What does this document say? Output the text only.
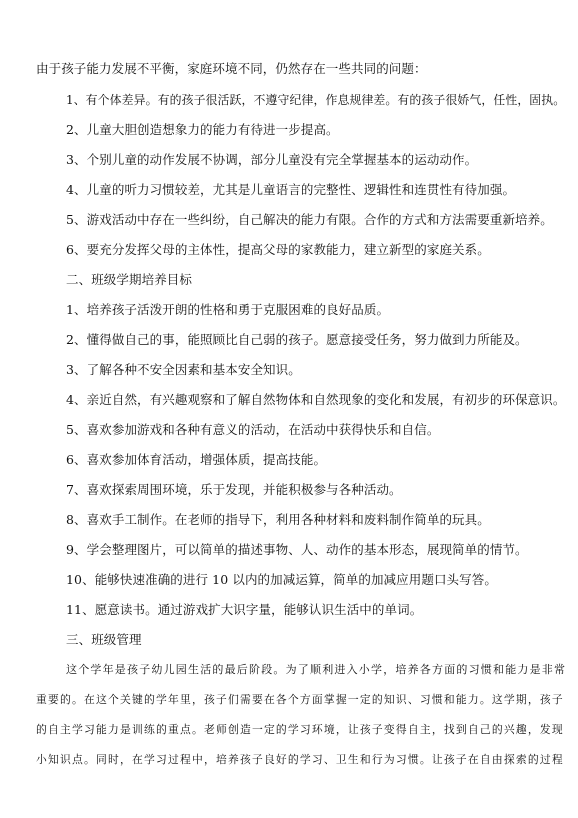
由于孩子能力发展不平衡，家庭环境不同，仍然存在一些共同的问题：
1、有个体差异。有的孩子很活跃，不遵守纪律，作息规律差。有的孩子很娇气，任性，固执。
2、儿童大胆创造想象力的能力有待进一步提高。
3、个别儿童的动作发展不协调，部分儿童没有完全掌握基本的运动动作。
4、儿童的听力习惯较差，尤其是儿童语言的完整性、逻辑性和连贯性有待加强。
5、游戏活动中存在一些纠纷，自己解决的能力有限。合作的方式和方法需要重新培养。
6、要充分发挥父母的主体性，提高父母的家教能力，建立新型的家庭关系。
二、班级学期培养目标
1、培养孩子活泼开朗的性格和勇于克服困难的良好品质。
2、懂得做自己的事，能照顾比自己弱的孩子。愿意接受任务，努力做到力所能及。
3、了解各种不安全因素和基本安全知识。
4、亲近自然，有兴趣观察和了解自然物体和自然现象的变化和发展，有初步的环保意识。
5、喜欢参加游戏和各种有意义的活动，在活动中获得快乐和自信。
6、喜欢参加体育活动，增强体质，提高技能。
7、喜欢探索周围环境，乐于发现，并能积极参与各种活动。
8、喜欢手工制作。在老师的指导下，利用各种材料和废料制作简单的玩具。
9、学会整理图片，可以简单的描述事物、人、动作的基本形态，展现简单的情节。
10、能够快速准确的进行 10 以内的加减运算，简单的加减应用题口头写答。
11、愿意读书。通过游戏扩大识字量，能够认识生活中的单词。
三、班级管理
这个学年是孩子幼儿园生活的最后阶段。为了顺利进入小学，培养各方面的习惯和能力是非常
重要的。在这个关键的学年里，孩子们需要在各个方面掌握一定的知识、习惯和能力。这学期，孩子
的自主学习能力是训练的重点。老师创造一定的学习环境，让孩子变得自主，找到自己的兴趣，发现
小知识点。同时，在学习过程中，培养孩子良好的学习、卫生和行为习惯。让孩子在自由探索的过程
